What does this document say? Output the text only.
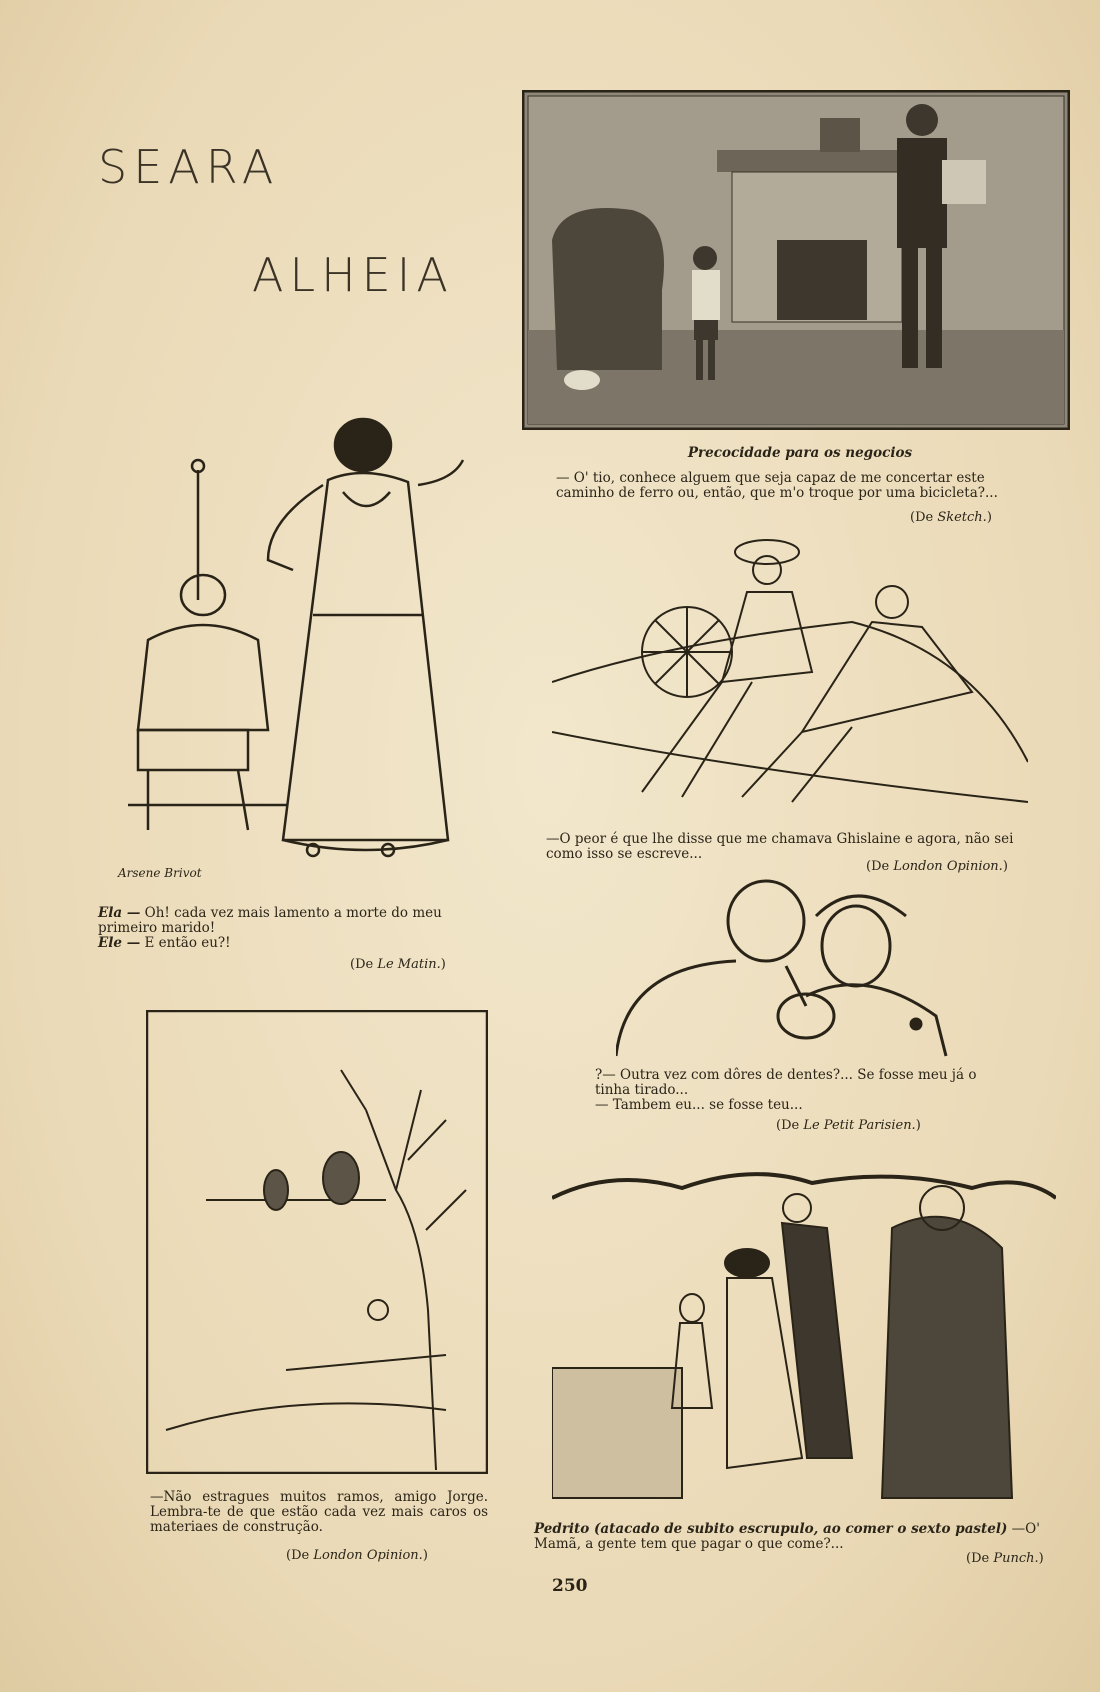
SEARA
ALHEIA
Precocidade para os negocios
— O' tio, conhece alguem que seja capaz de me concertar este caminho de ferro ou, então, que m'o troque por uma bicicleta?...
(De Sketch.)
Arsene Brivot
Ela — Oh! cada vez mais lamento a morte do meu primeiro marido!
Ele — E então eu?!
(De Le Matin.)
—O peor é que lhe disse que me chamava Ghislaine e agora, não sei como isso se escreve...
(De London Opinion.)
?— Outra vez com dôres de dentes?... Se fosse meu já o tinha tirado...
— Tambem eu... se fosse teu...
(De Le Petit Parisien.)
—Não estragues muitos ramos, amigo Jorge. Lembra-te de que estão cada vez mais caros os materiaes de construção.
(De London Opinion.)
Pedrito (atacado de subito escrupulo, ao comer o sexto pastel) —O' Mamã, a gente tem que pagar o que come?...
(De Punch.)
250
